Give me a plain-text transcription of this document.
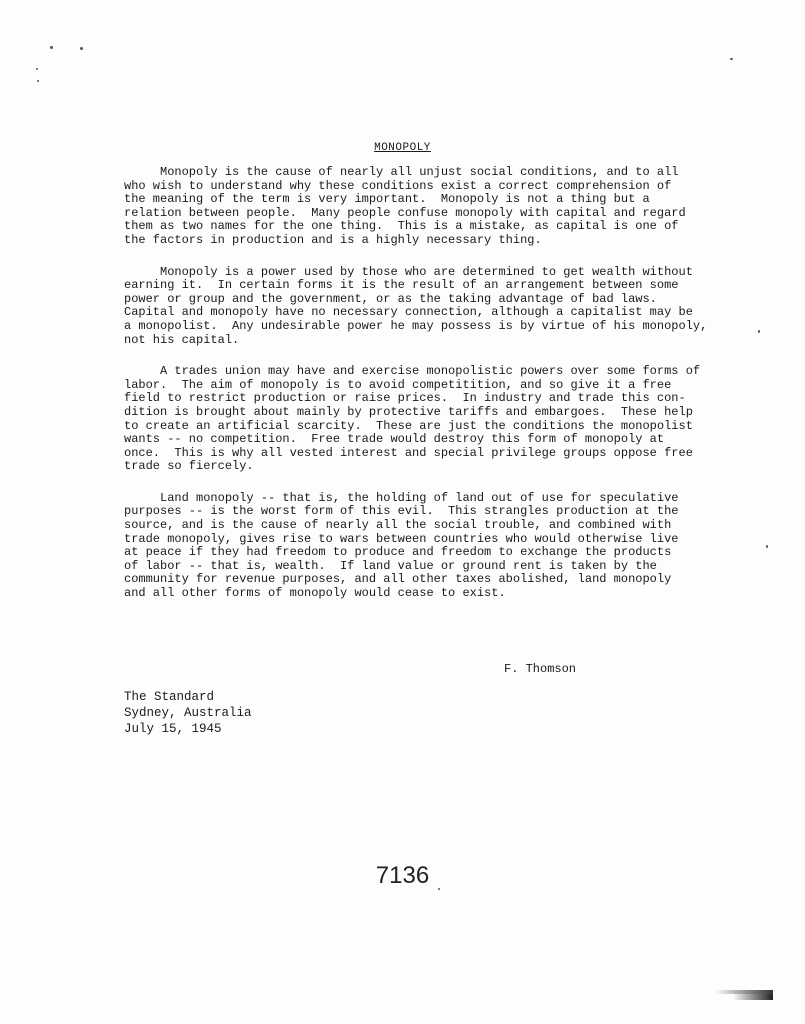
MONOPOLY
Monopoly is the cause of nearly all unjust social conditions, and to all
who wish to understand why these conditions exist a correct comprehension of
the meaning of the term is very important.  Monopoly is not a thing but a
relation between people.  Many people confuse monopoly with capital and regard
them as two names for the one thing.  This is a mistake, as capital is one of
the factors in production and is a highly necessary thing.
Monopoly is a power used by those who are determined to get wealth without
earning it.  In certain forms it is the result of an arrangement between some
power or group and the government, or as the taking advantage of bad laws.
Capital and monopoly have no necessary connection, although a capitalist may be
a monopolist.  Any undesirable power he may possess is by virtue of his monopoly,
not his capital.
A trades union may have and exercise monopolistic powers over some forms of
labor.  The aim of monopoly is to avoid competitition, and so give it a free
field to restrict production or raise prices.  In industry and trade this con-
dition is brought about mainly by protective tariffs and embargoes.  These help
to create an artificial scarcity.  These are just the conditions the monopolist
wants -- no competition.  Free trade would destroy this form of monopoly at
once.  This is why all vested interest and special privilege groups oppose free
trade so fiercely.
Land monopoly -- that is, the holding of land out of use for speculative
purposes -- is the worst form of this evil.  This strangles production at the
source, and is the cause of nearly all the social trouble, and combined with
trade monopoly, gives rise to wars between countries who would otherwise live
at peace if they had freedom to produce and freedom to exchange the products
of labor -- that is, wealth.  If land value or ground rent is taken by the
community for revenue purposes, and all other taxes abolished, land monopoly
and all other forms of monopoly would cease to exist.
F. Thomson
The Standard
Sydney, Australia
July 15, 1945
7136
